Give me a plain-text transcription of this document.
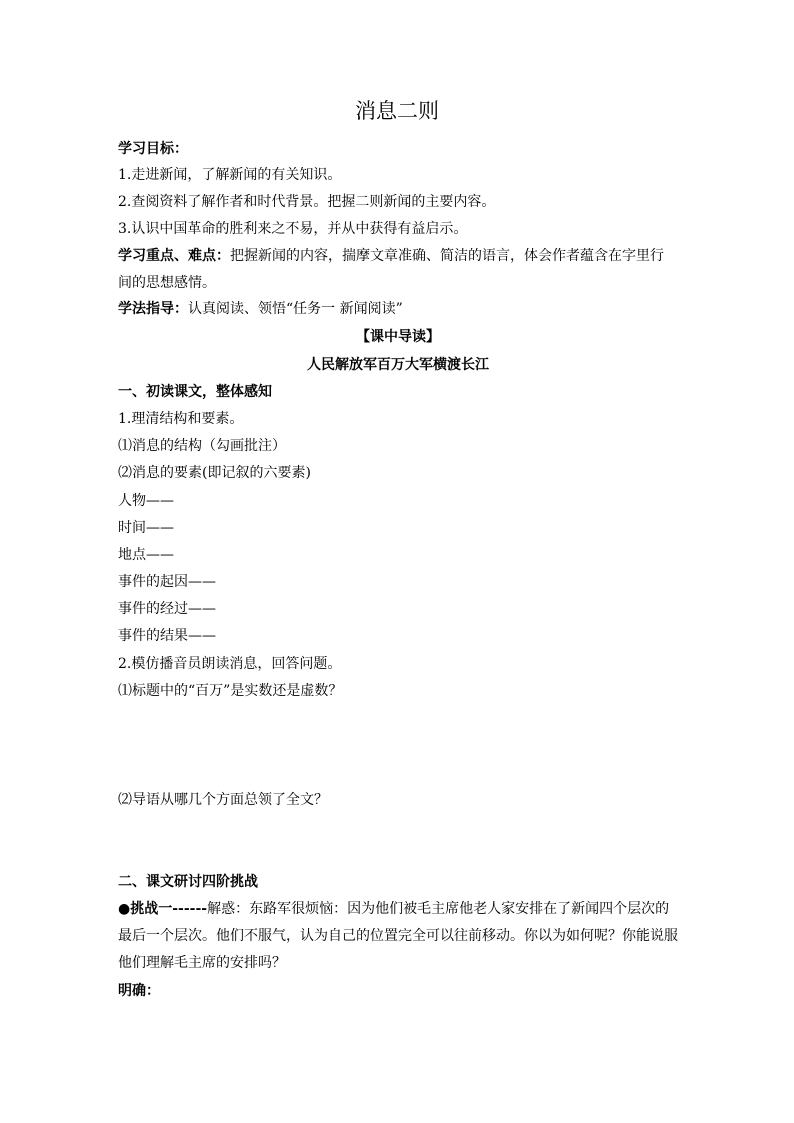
消息二则
学习目标：
1.走进新闻，了解新闻的有关知识。
2.查阅资料了解作者和时代背景。把握二则新闻的主要内容。
3.认识中国革命的胜利来之不易，并从中获得有益启示。
学习重点、难点：把握新闻的内容，揣摩文章准确、简洁的语言，体会作者蕴含在字里行
间的思想感情。
学法指导：认真阅读、领悟“任务一 新闻阅读”
【课中导读】
人民解放军百万大军横渡长江
一、初读课文，整体感知
1.理清结构和要素。
⑴消息的结构（勾画批注）
⑵消息的要素(即记叙的六要素)
人物——
时间——
地点——
事件的起因——
事件的经过——
事件的结果——
2.模仿播音员朗读消息，回答问题。
⑴标题中的“百万”是实数还是虚数？
⑵导语从哪几个方面总领了全文？
二、课文研讨四阶挑战
●挑战一------解惑：东路军很烦恼：因为他们被毛主席他老人家安排在了新闻四个层次的
最后一个层次。他们不服气，认为自己的位置完全可以往前移动。你以为如何呢？你能说服
他们理解毛主席的安排吗？
明确：
